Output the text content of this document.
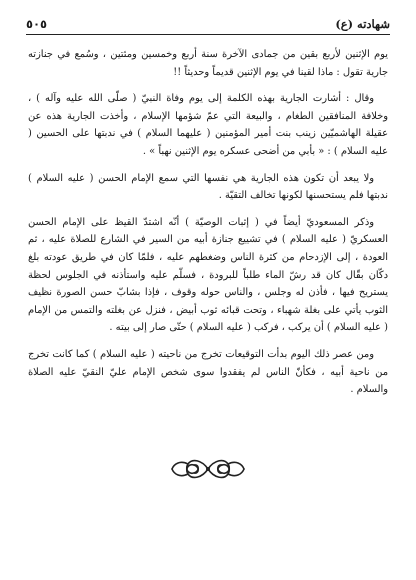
شهادته (ع)
٥٠٥

يوم الإثنين لأربع بقين من جمادى الآخرة سنة أربع وخمسين ومئتين ، وسُمع في جنازته جارية تقول : ماذا لقينا في يوم الإثنين قديماً وحديثاً !!

وقال : أشارت الجارية بهذه الكلمة إلى يوم وفاة النبيّ ( صلّى الله عليه وآله ) ، وخلافة المنافقين الطغام ، والبيعة التي عمّ شؤمها الإسلام ، وأخذت الجارية هذه عن عقيلة الهاشميّين زينب بنت أمير المؤمنين ( عليهما السلام ) في ندبتها على الحسين ( عليه السلام ) : « بأبي من أضحى عسكره يوم الإثنين نهباً » .

ولا يبعد أن تكون هذه الجارية هي نفسها التي سمع الإمام الحسن ( عليه السلام ) ندبتها فلم يستحسنها لكونها تخالف التقيّة .

وذكر المسعوديّ أيضاً في ( إثبات الوصيّة ) أنّه اشتدّ القيظ على الإمام الحسن العسكريّ ( عليه السلام ) في تشييع جنازة أبيه من السير في الشارع للصلاة عليه ، ثم العودة ، إلى الإزدحام من كثرة الناس وضغطهم عليه ، فلمّا كان في طريق عودته بلغ دكّان بقّال كان قد رشّ الماء طلباً للبرودة ، فسلّم عليه واستأذنه في الجلوس لحظة يستريح فيها ، فأذن له وجلس ، والناس حوله وقوف ، فإذا بشابّ حسن الصورة نظيف الثوب يأتي على بغلة شهباء ، وتحت قبائه ثوب أبيض ، فنزل عن بغلته والتمس من الإمام ( عليه السلام ) أن يركب ، فركب ( عليه السلام ) حتّى صار إلى بيته .

ومن عصر ذلك اليوم بدأت التوقيعات تخرج من ناحيته ( عليه السلام ) كما كانت تخرج من ناحية أبيه ، فكأنّ الناس لم يفقدوا سوى شخص الإمام عليّ النقيّ عليه الصلاة والسلام .
